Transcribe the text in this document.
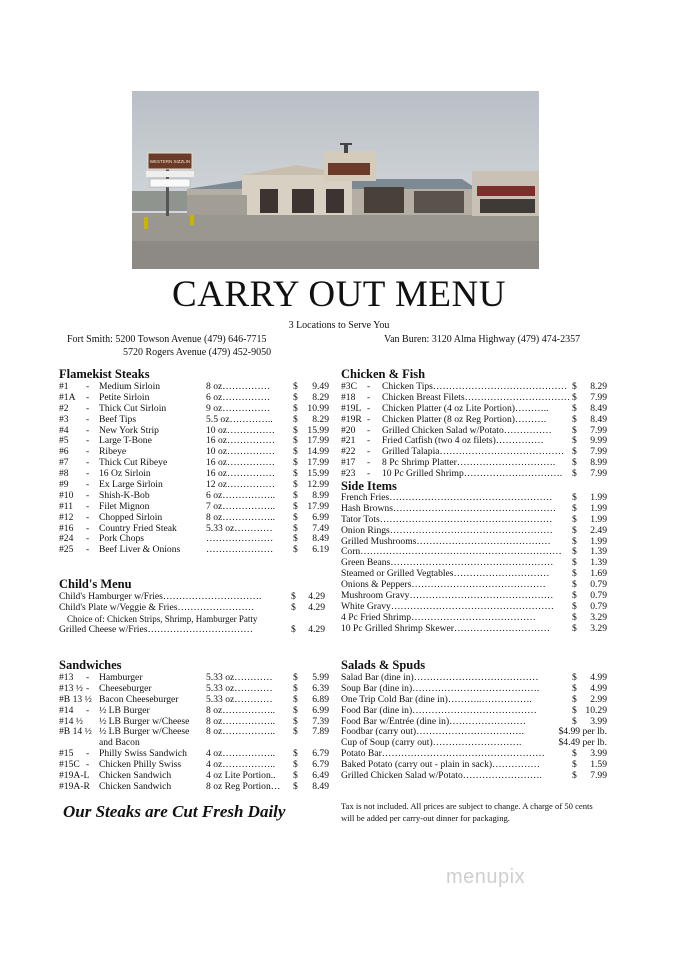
WESTERN SIZZLIN
CARRY OUT MENU
3 Locations to Serve You
Fort Smith: 5200 Towson Avenue (479) 646-7715
5720 Rogers Avenue (479) 452-9050
Van Buren: 3120 Alma Highway (479) 474-2357
Flamekist Steaks
#1	-	Medium Sirloin	8 oz……………	$	9.49
#1A	-	Petite Sirloin	6 oz……………	$	8.29
#2	-	Thick Cut Sirloin	9 oz……………	$	10.99
#3	-	Beef Tips	5.5 oz…………..	$	8.29
#4	-	New York Strip	10 oz……………	$	15.99
#5	-	Large T-Bone	16 oz……………	$	17.99
#6	-	Ribeye	10 oz……………	$	14.99
#7	-	Thick Cut Ribeye	16 oz……………	$	17.99
#8	-	16 Oz Sirloin	16 oz……………	$	15.99
#9	-	Ex Large Sirloin	12 oz……………	$	12.99
#10	-	Shish-K-Bob	6 oz……………..	$	8.99
#11	-	Filet Mignon	7 oz……………..	$	17.99
#12	-	Chopped Sirloin	8 oz……………..	$	6.99
#16	-	Country Fried Steak	5.33 oz…………	$	7.49
#24	-	Pork Chops	…………………	$	8.49
#25	-	Beef Liver & Onions	…………………	$	6.19
Child's Menu
Child's Hamburger w/Fries………………………….	$	4.29
Child's Plate w/Veggie & Fries……………………	$	4.29
Choice of: Chicken Strips, Shrimp, Hamburger Patty
Grilled Cheese w/Fries……………………………	$	4.29
Sandwiches
#13	-	Hamburger	5.33 oz…………	$	5.99
#13 ½ -	Cheeseburger	5.33 oz…………	$	6.39
#B 13 ½ Bacon Cheeseburger	5.33 oz…………	$	6.89
#14	-	½ LB Burger	8 oz……………..	$	6.99
#14 ½	½ LB Burger w/Cheese	8 oz……………..	$	7.39
#B 14 ½ ½ LB Burger w/Cheese	8 oz……………..	$	7.89
and Bacon
#15	-	Philly Swiss Sandwich	4 oz……………..	$	6.79
#15C -	Chicken Philly Swiss	4 oz……………..	$	6.79
#19A-L Chicken Sandwich	4 oz Lite Portion..	$	6.49
#19A-R Chicken Sandwich	8 oz Reg Portion…	$	8.49
Our Steaks are Cut Fresh Daily
Chicken & Fish
#3C	-	Chicken Tips…………………………………… $	8.29
#18	-	Chicken Breast Filets…………………………… $	7.99
#19L -	Chicken Platter (4 oz Lite Portion)………..	$	8.49
#19R -	Chicken Platter (8 oz Reg Portion)……….	$	8.49
#20	-	Grilled Chicken Salad w/Potato……………	$	7.99
#21	-	Fried Catfish (two 4 oz filets)……………	$	9.99
#22	-	Grilled Talapia………………………………… $	7.99
#17	-	8 Pc Shrimp Platter………………………….	$	8.99
#23	-	10 Pc Grilled Shrimp………………………….	$	7.99
Side Items
French Fries……………………………………………	$	1.99
Hash Browns……………………………………………	$	1.99
Tator Tots………………………………………………	$	1.99
Onion Rings……………………………………………	$	2.49
Grilled Mushrooms……………………………………	$	1.99
Corn………………………………………………………	$	1.39
Green Beans……………………………………………	$	1.39
Steamed or Grilled Vegtables…………………………	$	1.69
Onions & Peppers……………………………………	$	0.79
Mushroom Gravy………………………………………	$	0.79
White Gravy……………………………………………	$	0.79
4 Pc Fried Shrimp…………………………………	$	3.29
10 Pc Grilled Shrimp Skewer…………………………	$	3.29
Salads & Spuds
Salad Bar (dine in)…………………………………	$	4.99
Soup Bar (dine in)………………………………….	$	4.99
One Trip Cold Bar (dine in)………..…………….	$	2.99
Food Bar (dine in)…………………………………	$ 10.29
Food Bar w/Entrée (dine in)……………………	$	3.99
Foodbar (carry out)…………………………….	$4.99 per lb.
Cup of Soup (carry out)……………………….	$4.49 per lb.
Potato Bar……………………………………………	$	3.99
Baked Potato (carry out - plain in sack)……………	$	1.59
Grilled Chicken Salad w/Potato…………………….	$	7.99
Tax is not included. All prices are subject to change. A charge of 50 cents will be added per carry-out dinner for packaging.
menupix
